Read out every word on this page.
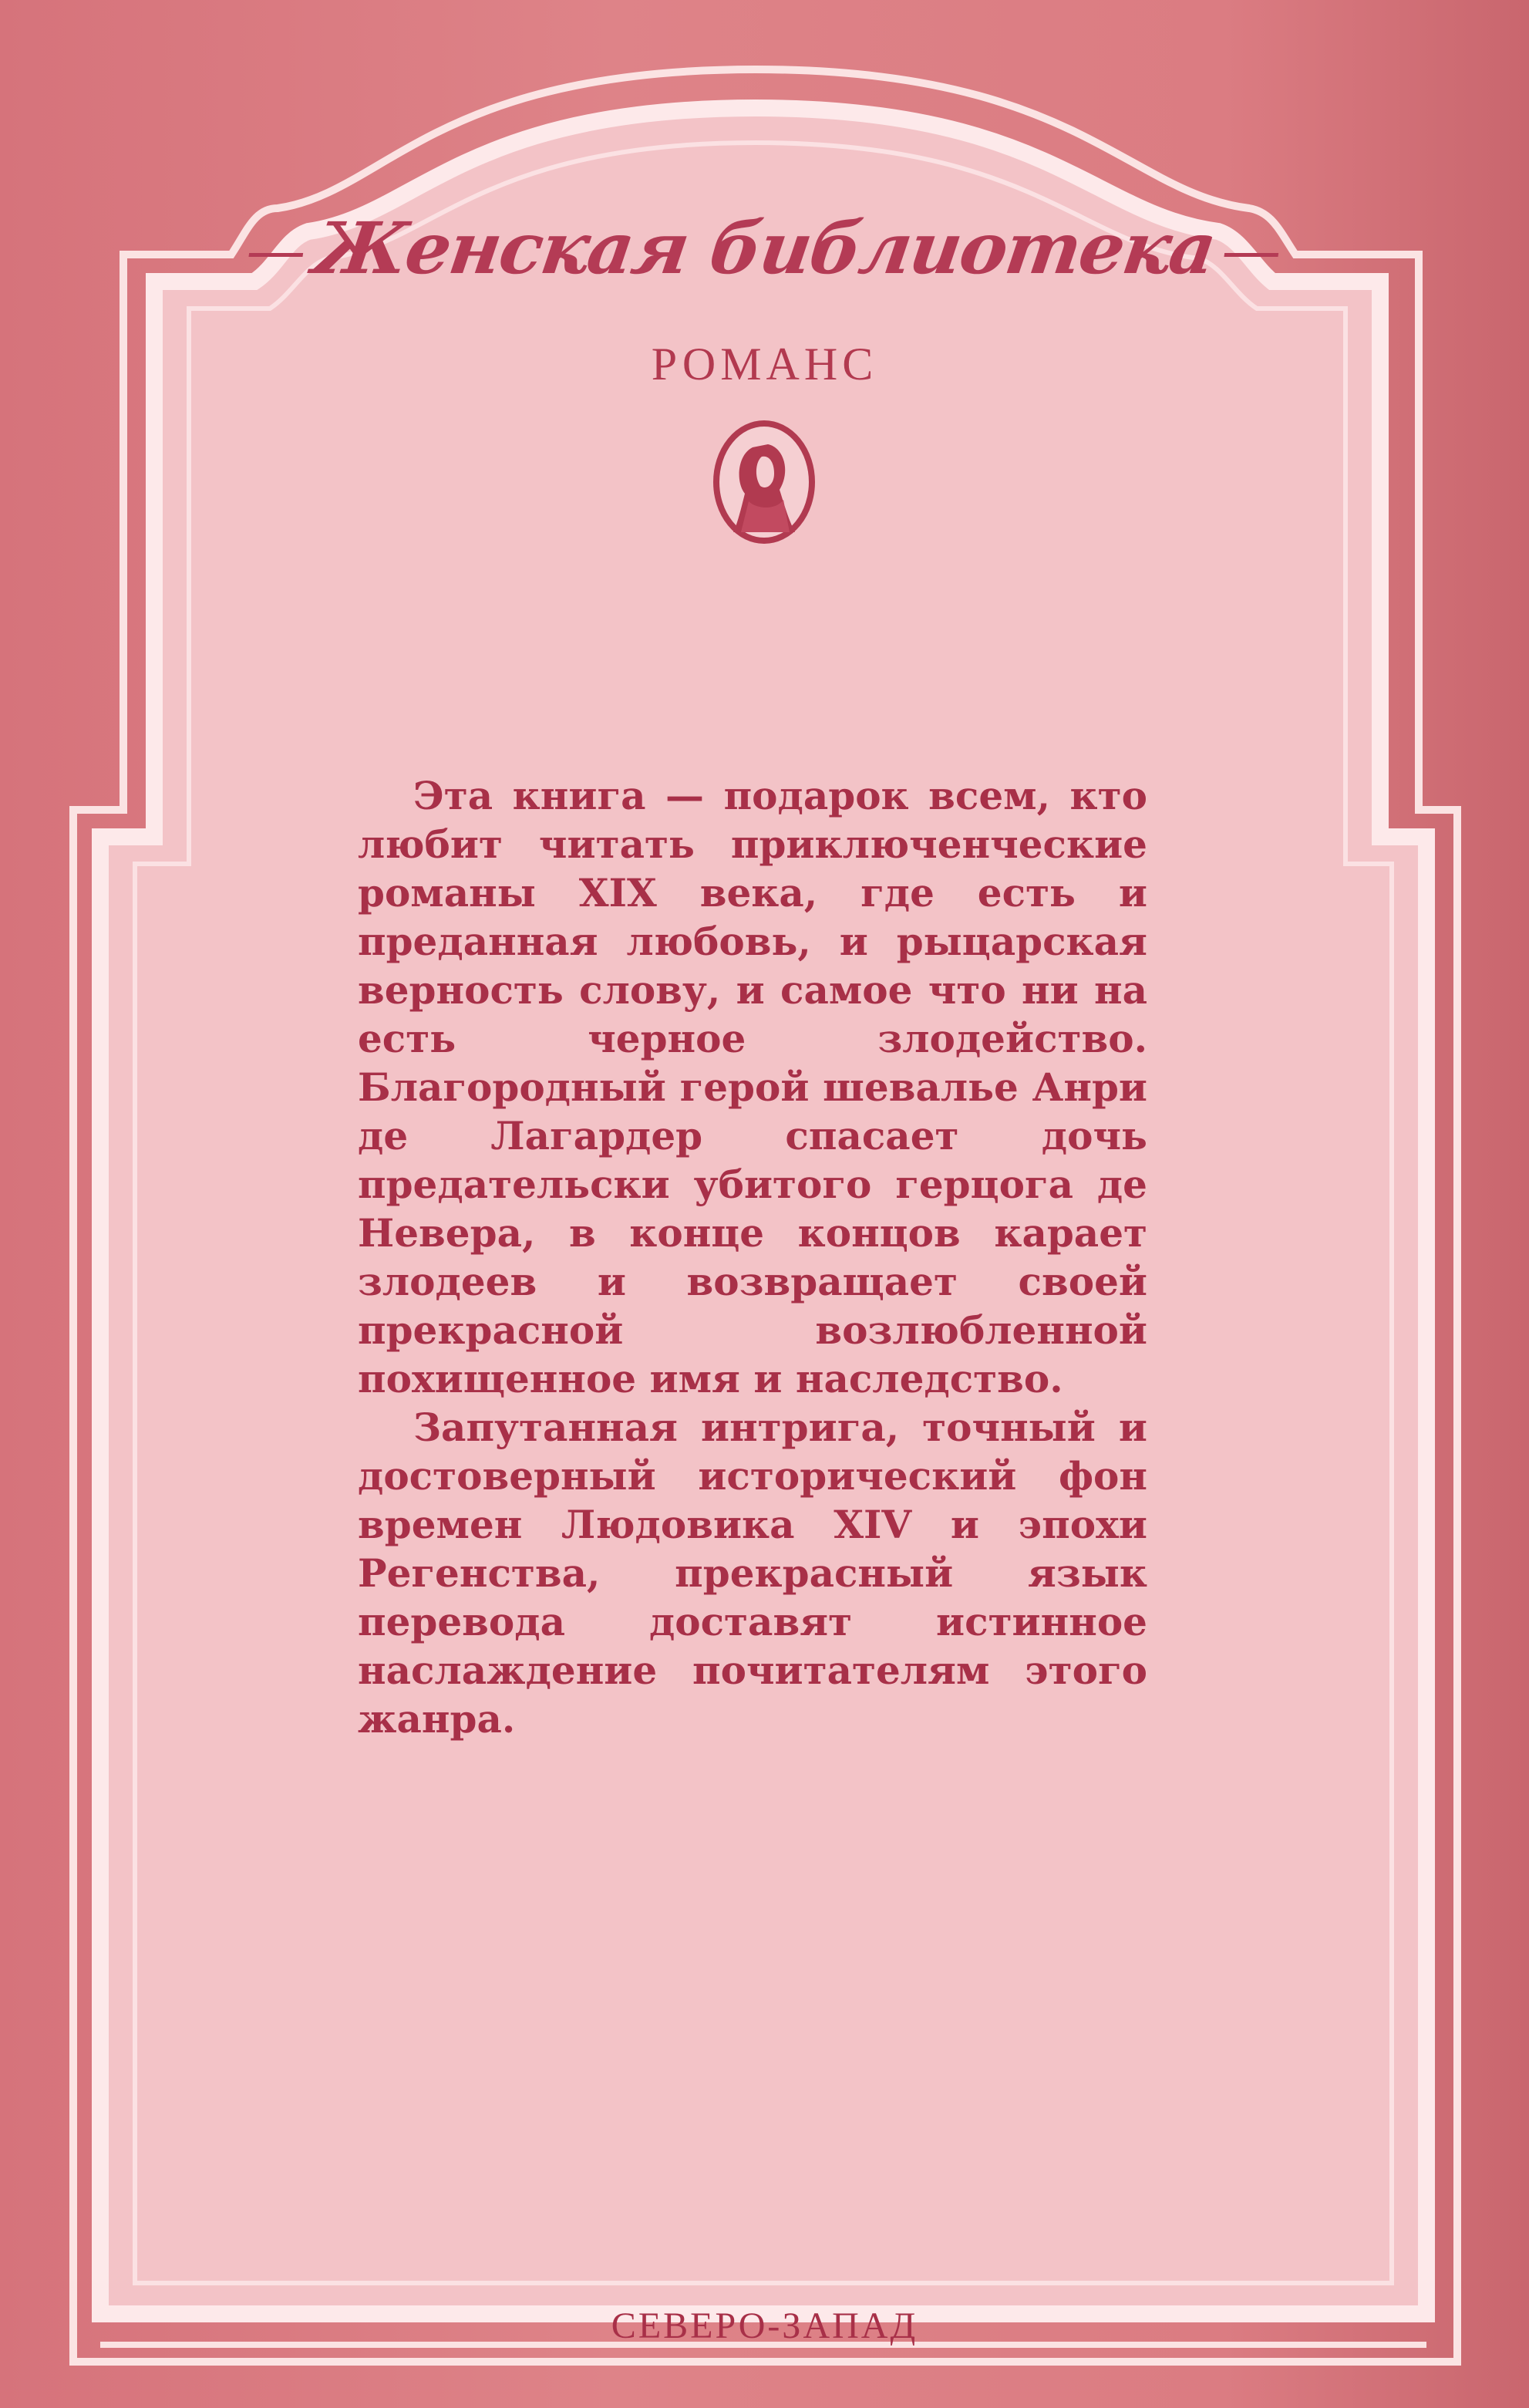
Женская библиотека
РОМАНС

Эта книга — подарок всем, кто любит читать приключенческие романы XIX века, где есть и преданная любовь, и рыцарская верность слову, и самое что ни на есть черное злодейство. Благородный герой шевалье Анри де Лагардер спасает дочь предательски убитого герцога де Невера, в конце концов карает злодеев и возвращает своей прекрасной возлюбленной похищенное имя и наследство.

Запутанная интрига, точный и достоверный исторический фон времен Людовика XIV и эпохи Регенства, прекрасный язык перевода доставят истинное наслаждение почитателям этого жанра.

СЕВЕРО-ЗАПАД
